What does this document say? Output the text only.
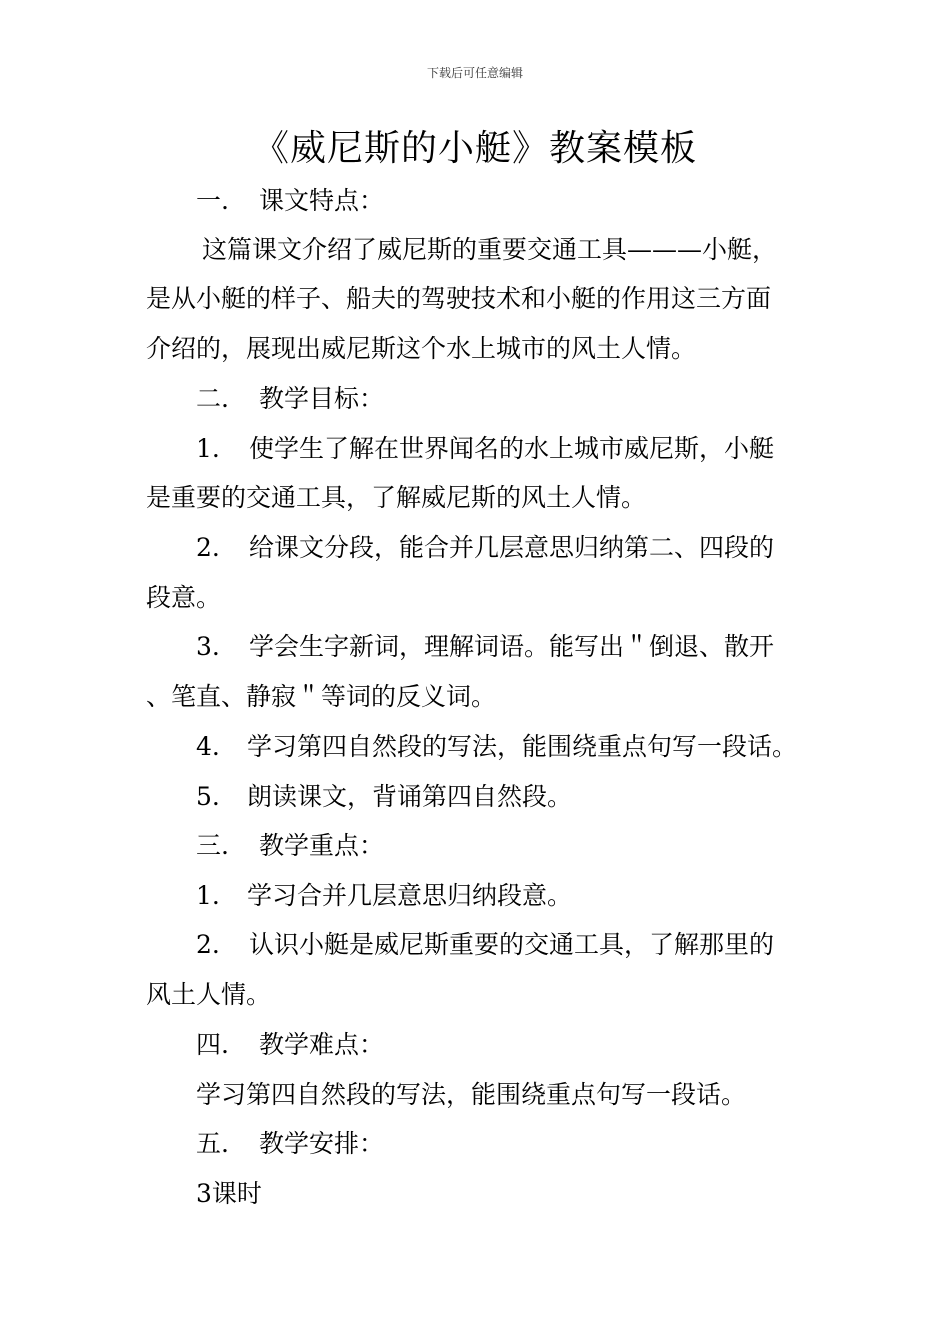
下载后可任意编辑
《威尼斯的小艇》教案模板
一. 课文特点：
这篇课文介绍了威尼斯的重要交通工具———小艇，
是从小艇的样子、船夫的驾驶技术和小艇的作用这三方面
介绍的，展现出威尼斯这个水上城市的风土人情。
二. 教学目标：
1. 使学生了解在世界闻名的水上城市威尼斯，小艇
是重要的交通工具，了解威尼斯的风土人情。
2. 给课文分段，能合并几层意思归纳第二、四段的
段意。
3. 学会生字新词，理解词语。能写出＂倒退、散开
、笔直、静寂＂等词的反义词。
4. 学习第四自然段的写法，能围绕重点句写一段话。
5. 朗读课文，背诵第四自然段。
三. 教学重点：
1. 学习合并几层意思归纳段意。
2. 认识小艇是威尼斯重要的交通工具，了解那里的
风土人情。
四. 教学难点：
学习第四自然段的写法，能围绕重点句写一段话。
五. 教学安排：
3课时
